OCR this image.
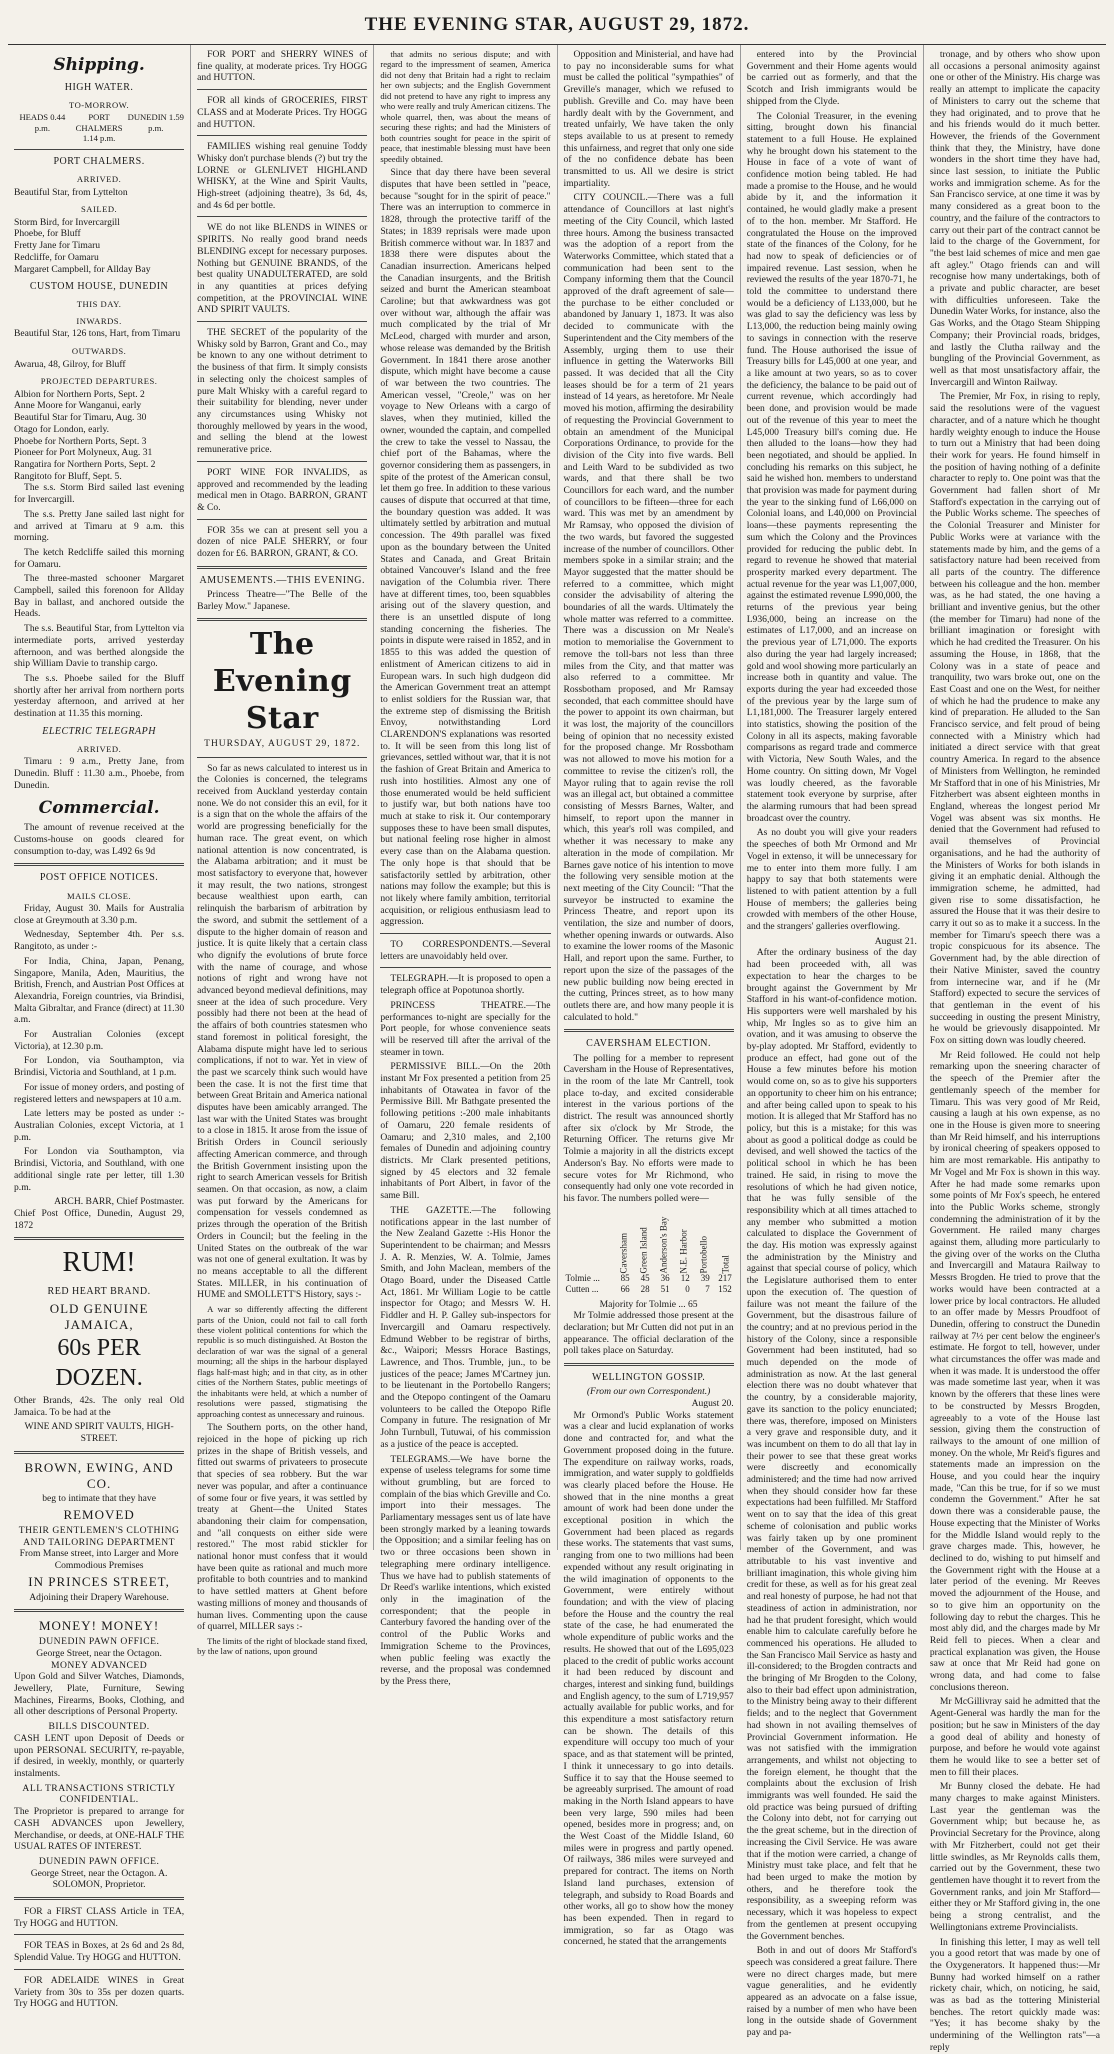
THE EVENING STAR, AUGUST 29, 1872.
Shipping.
HIGH WATER.
TO-MORROW.
HEADS 0.44 p.m.
PORT CHALMERS 1.14 p.m.
DUNEDIN 1.59 p.m.
PORT CHALMERS.
ARRIVED.
Beautiful Star, from Lyttelton
SAILED.
Storm Bird, for Invercargill
Phoebe, for Bluff
Fretty Jane for Timaru
Redcliffe, for Oamaru
Margaret Campbell, for Allday Bay
CUSTOM HOUSE, DUNEDIN
THIS DAY.
INWARDS.
Beautiful Star, 126 tons, Hart, from Timaru
OUTWARDS.
Awarua, 48, Gilroy, for Bluff
PROJECTED DEPARTURES.
Albion for Northern Ports, Sept. 2
Anne Moore for Wanganui, early
Beautiful Star for Timaru, Aug. 30
Otago for London, early.
Phoebe for Northern Ports, Sept. 3
Pioneer for Port Molyneux, Aug. 31
Rangatira for Northern Ports, Sept. 2
Rangitoto for Bluff, Sept. 5.

The s.s. Storm Bird sailed last evening for Invercargill.

The s.s. Pretty Jane sailed last night for and arrived at Timaru at 9 a.m. this morning.

The ketch Redcliffe sailed this morning for Oamaru.

The three-masted schooner Margaret Campbell, sailed this forenoon for Allday Bay in ballast, and anchored outside the Heads.

The s.s. Beautiful Star, from Lyttelton via intermediate ports, arrived yesterday afternoon, and was berthed alongside the ship William Davie to tranship cargo.

The s.s. Phoebe sailed for the Bluff shortly after her arrival from northern ports yesterday afternoon, and arrived at her destination at 11.35 this morning.

ELECTRIC TELEGRAPH
ARRIVED.

Timaru : 9 a.m., Pretty Jane, from Dunedin. Bluff : 11.30 a.m., Phoebe, from Dunedin.

Commercial.

The amount of revenue received at the Customs-house on goods cleared for consumption to-day, was L492 6s 9d

POST OFFICE NOTICES.
MAILS CLOSE.

Friday, August 30. Mails for Australia close at Greymouth at 3.30 p.m.

Wednesday, September 4th. Per s.s. Rangitoto, as under :-

For India, China, Japan, Penang, Singapore, Manila, Aden, Mauritius, the British, French, and Austrian Post Offices at Alexandria, Foreign countries, via Brindisi, Malta Gibraltar, and France (direct) at 11.30 a.m.

For Australian Colonies (except Victoria), at 12.30 p.m.

For London, via Southampton, via Brindisi, Victoria and Southland, at 1 p.m.

For issue of money orders, and posting of registered letters and newspapers at 10 a.m.

Late letters may be posted as under :- Australian Colonies, except Victoria, at 1 p.m.

For London via Southampton, via Brindisi, Victoria, and Southland, with one additional single rate per letter, till 1.30 p.m.

ARCH. BARR, Chief Postmaster.
Chief Post Office, Dunedin, August 29, 1872
RUM!
RED HEART BRAND.
OLD GENUINE JAMAICA,
60s PER DOZEN.

Other Brands, 42s. The only real Old Jamaica. To be had at the

WINE AND SPIRIT VAULTS, HIGH-STREET.
BROWN, EWING, AND CO.
beg to intimate that they have
REMOVED
THEIR GENTLEMEN'S CLOTHING AND TAILORING DEPARTMENT
From Manse street, into Larger and More Commodious Premises
IN PRINCES STREET,
Adjoining their Drapery Warehouse.
MONEY! MONEY!
DUNEDIN PAWN OFFICE.
George Street, near the Octagon.
MONEY ADVANCED

Upon Gold and Silver Watches, Diamonds, Jewellery, Plate, Furniture, Sewing Machines, Firearms, Books, Clothing, and all other descriptions of Personal Property.

BILLS DISCOUNTED.

CASH LENT upon Deposit of Deeds or upon PERSONAL SECURITY, re-payable, if desired, in weekly, monthly, or quarterly instalments.

ALL TRANSACTIONS STRICTLY CONFIDENTIAL.

The Proprietor is prepared to arrange for CASH ADVANCES upon Jewellery, Merchandise, or deeds, at ONE-HALF THE USUAL RATES OF INTEREST.

DUNEDIN PAWN OFFICE.
George Street, near the Octagon. A. SOLOMON, Proprietor.

FOR a FIRST CLASS Article in TEA, Try HOGG and HUTTON.

FOR TEAS in Boxes, at 2s 6d and 2s 8d, Splendid Value. Try HOGG and HUTTON.

FOR ADELAIDE WINES in Great Variety from 30s to 35s per dozen quarts. Try HOGG and HUTTON.

FOR PORT and SHERRY WINES of fine quality, at moderate prices. Try HOGG and HUTTON.

FOR all kinds of GROCERIES, FIRST CLASS and at Moderate Prices. Try HOGG and HUTTON.

FAMILIES wishing real genuine Toddy Whisky don't purchase blends (?) but try the LORNE or GLENLIVET HIGHLAND WHISKY, at the Wine and Spirit Vaults, High-street (adjoining theatre), 3s 6d, 4s, and 4s 6d per bottle.

WE do not like BLENDS in WINES or SPIRITS. No really good brand needs BLENDING except for necessary purposes. Nothing but GENUINE BRANDS, of the best quality UNADULTERATED, are sold in any quantities at prices defying competition, at the PROVINCIAL WINE AND SPIRIT VAULTS.

THE SECRET of the popularity of the Whisky sold by Barron, Grant and Co., may be known to any one without detriment to the business of that firm. It simply consists in selecting only the choicest samples of pure Malt Whisky with a careful regard to their suitability for blending, never under any circumstances using Whisky not thoroughly mellowed by years in the wood, and selling the blend at the lowest remunerative price.

PORT WINE FOR INVALIDS, as approved and recommended by the leading medical men in Otago. BARRON, GRANT & Co.

FOR 35s we can at present sell you a dozen of nice PALE SHERRY, or four dozen for £6. BARRON, GRANT, & CO.

AMUSEMENTS.—THIS EVENING.

Princess Theatre—"The Belle of the Barley Mow." Japanese.

The Evening Star
THURSDAY, AUGUST 29, 1872.

So far as news calculated to interest us in the Colonies is concerned, the telegrams received from Auckland yesterday contain none. We do not consider this an evil, for it is a sign that on the whole the affairs of the world are progressing beneficially for the human race. The great event, on which national attention is now concentrated, is the Alabama arbitration; and it must be most satisfactory to everyone that, however it may result, the two nations, strongest because wealthiest upon earth, can relinquish the barbarism of arbitration by the sword, and submit the settlement of a dispute to the higher domain of reason and justice. It is quite likely that a certain class who dignify the evolutions of brute force with the name of courage, and whose notions of right and wrong have not advanced beyond medieval definitions, may sneer at the idea of such procedure. Very possibly had there not been at the head of the affairs of both countries statesmen who stand foremost in political foresight, the Alabama dispute might have led to serious complications, if not to war. Yet in view of the past we scarcely think such would have been the case. It is not the first time that between Great Britain and America national disputes have been amicably arranged. The last war with the United States was brought to a close in 1815. It arose from the issue of British Orders in Council seriously affecting American commerce, and through the British Government insisting upon the right to search American vessels for British seamen. On that occasion, as now, a claim was put forward by the Americans for compensation for vessels condemned as prizes through the operation of the British Orders in Council; but the feeling in the United States on the outbreak of the war was not one of general exultation. It was by no means acceptable to all the different States. MILLER, in his continuation of HUME and SMOLLETT'S History, says :-

A war so differently affecting the different parts of the Union, could not fail to call forth these violent political contentions for which the republic is so much distinguished. At Boston the declaration of war was the signal of a general mourning; all the ships in the harbour displayed flags half-mast high; and in that city, as in other cities of the Northern States, public meetings of the inhabitants were held, at which a number of resolutions were passed, stigmatising the approaching contest as unnecessary and ruinous.

The Southern ports, on the other hand, rejoiced in the hope of picking up rich prizes in the shape of British vessels, and fitted out swarms of privateers to prosecute that species of sea robbery. But the war never was popular, and after a continuance of some four or five years, it was settled by treaty at Ghent—the United States abandoning their claim for compensation, and "all conquests on either side were restored." The most rabid stickler for national honor must confess that it would have been quite as rational and much more profitable to both countries and to mankind to have settled matters at Ghent before wasting millions of money and thousands of human lives. Commenting upon the cause of quarrel, MILLER says :-

The limits of the right of blockade stand fixed, by the law of nations, upon ground

that admits no serious dispute; and with regard to the impressment of seamen, America did not deny that Britain had a right to reclaim her own subjects; and the English Government did not pretend to have any right to impress any who were really and truly American citizens. The whole quarrel, then, was about the means of securing these rights; and had the Ministers of both countries sought for peace in the spirit of peace, that inestimable blessing must have been speedily obtained.

Since that day there have been several disputes that have been settled in "peace, because "sought for in the spirit of peace." There was an interruption to commerce in 1828, through the protective tariff of the States; in 1839 reprisals were made upon British commerce without war. In 1837 and 1838 there were disputes about the Canadian insurrection. Americans helped the Canadian insurgents, and the British seized and burnt the American steamboat Caroline; but that awkwardness was got over without war, although the affair was much complicated by the trial of Mr McLeod, charged with murder and arson, whose release was demanded by the British Government. In 1841 there arose another dispute, which might have become a cause of war between the two countries. The American vessel, "Creole," was on her voyage to New Orleans with a cargo of slaves, when they mutinied, killed the owner, wounded the captain, and compelled the crew to take the vessel to Nassau, the chief port of the Bahamas, where the governor considering them as passengers, in spite of the protest of the American consul, let them go free. In addition to these various causes of dispute that occurred at that time, the boundary question was added. It was ultimately settled by arbitration and mutual concession. The 49th parallel was fixed upon as the boundary between the United States and Canada, and Great Britain obtained Vancouver's Island and the free navigation of the Columbia river. There have at different times, too, been squabbles arising out of the slavery question, and there is an unsettled dispute of long standing concerning the fisheries. The points in dispute were raised in 1852, and in 1855 to this was added the question of enlistment of American citizens to aid in European wars. In such high dudgeon did the American Government treat an attempt to enlist soldiers for the Russian war, that the extreme step of dismissing the British Envoy, notwithstanding Lord CLARENDON'S explanations was resorted to. It will be seen from this long list of grievances, settled without war, that it is not the fashion of Great Britain and America to rush into hostilities. Almost any one of those enumerated would be held sufficient to justify war, but both nations have too much at stake to risk it. Our contemporary supposes these to have been small disputes, but national feeling rose higher in almost every case than on the Alabama question. The only hope is that should that be satisfactorily settled by arbitration, other nations may follow the example; but this is not likely where family ambition, territorial acquisition, or religious enthusiasm lead to aggression.

TO CORRESPONDENTS.—Several letters are unavoidably held over.

TELEGRAPH.—It is proposed to open a telegraph office at Popotunoa shortly.

PRINCESS THEATRE.—The performances to-night are specially for the Port people, for whose convenience seats will be reserved till after the arrival of the steamer in town.

PERMISSIVE BILL.—On the 20th instant Mr Fox presented a petition from 25 inhabitants of Otawatea in favor of the Permissive Bill. Mr Bathgate presented the following petitions :-200 male inhabitants of Oamaru, 220 female residents of Oamaru; and 2,310 males, and 2,100 females of Dunedin and adjoining country districts. Mr Clark presented petitions, signed by 45 electors and 32 female inhabitants of Port Albert, in favor of the same Bill.

THE GAZETTE.—The following notifications appear in the last number of the New Zealand Gazette :-His Honor the Superintendent to be chairman; and Messrs J. A. R. Menzies, W. A. Tolmie, James Smith, and John Maclean, members of the Otago Board, under the Diseased Cattle Act, 1861. Mr William Logie to be cattle inspector for Otago; and Messrs W. H. Fiddler and H. P. Galley sub-inspectors for Invercargill and Oamaru respectively. Edmund Webber to be registrar of births, &c., Waipori; Messrs Horace Bastings, Lawrence, and Thos. Trumble, jun., to be justices of the peace; James M'Cartney jun. to be lieutenant in the Portobello Rangers; and the Otepopo contingent of the Oamaru volunteers to be called the Otepopo Rifle Company in future. The resignation of Mr John Turnbull, Tutuwai, of his commission as a justice of the peace is accepted.

TELEGRAMS.—We have borne the expense of useless telegrams for some time without grumbling, but are forced to complain of the bias which Greville and Co. import into their messages. The Parliamentary messages sent us of late have been strongly marked by a leaning towards the Opposition; and a similar feeling has on two or three occasions been shown in telegraphing mere ordinary intelligence. Thus we have had to publish statements of Dr Reed's warlike intentions, which existed only in the imagination of the correspondent; that the people in Canterbury favored the handing over of the control of the Public Works and Immigration Scheme to the Provinces, when public feeling was exactly the reverse, and the proposal was condemned by the Press there,

Opposition and Ministerial, and have had to pay no inconsiderable sums for what must be called the political "sympathies" of Greville's manager, which we refused to publish. Greville and Co. may have been hardly dealt with by the Government, and treated unfairly, We have taken the only steps available to us at present to remedy this unfairness, and regret that only one side of the no confidence debate has been transmitted to us. All we desire is strict impartiality.

CITY COUNCIL.—There was a full attendance of Councillors at last night's meeting of the City Council, which lasted three hours. Among the business transacted was the adoption of a report from the Waterworks Committee, which stated that a communication had been sent to the Company informing them that the Council approved of the draft agreement of sale—the purchase to be either concluded or abandoned by January 1, 1873. It was also decided to communicate with the Superintendent and the City members of the Assembly, urging them to use their influence in getting the Waterworks Bill passed. It was decided that all the City leases should be for a term of 21 years instead of 14 years, as heretofore. Mr Neale moved his motion, affirming the desirability of requesting the Provincial Government to obtain an amendment of the Municipal Corporations Ordinance, to provide for the division of the City into five wards. Bell and Leith Ward to be subdivided as two wards, and that there shall be two Councillors for each ward, and the number of councillors to be fifteen—three for each ward. This was met by an amendment by Mr Ramsay, who opposed the division of the two wards, but favored the suggested increase of the number of councillors. Other members spoke in a similar strain; and the Mayor suggested that the matter should be referred to a committee, which might consider the advisability of altering the boundaries of all the wards. Ultimately the whole matter was referred to a committee. There was a discussion on Mr Neale's motion to memorialise the Government to remove the toll-bars not less than three miles from the City, and that matter was also referred to a committee. Mr Rossbotham proposed, and Mr Ramsay seconded, that each committee should have the power to appoint its own chairman, but it was lost, the majority of the councillors being of opinion that no necessity existed for the proposed change. Mr Rossbotham was not allowed to move his motion for a committee to revise the citizen's roll, the Mayor ruling that to again revise the roll was an illegal act, but obtained a committee consisting of Messrs Barnes, Walter, and himself, to report upon the manner in which, this year's roll was compiled, and whether it was necessary to make any alteration in the mode of compilation. Mr Barnes gave notice of his intention to move the following very sensible motion at the next meeting of the City Council: "That the surveyor be instructed to examine the Princess Theatre, and report upon its ventilation, the size and number of doors, whether opening inwards or outwards. Also to examine the lower rooms of the Masonic Hall, and report upon the same. Further, to report upon the size of the passages of the new public building now being erected in the cutting, Princes street, as to how many outlets there are, and how many people it is calculated to hold."

CAVERSHAM ELECTION.

The polling for a member to represent Caversham in the House of Representatives, in the room of the late Mr Cantrell, took place to-day, and excited considerable interest in the various portions of the district. The result was announced shortly after six o'clock by Mr Strode, the Returning Officer. The returns give Mr Tolmie a majority in all the districts except Anderson's Bay. No efforts were made to secure votes for Mr Richmond, who consequently had only one vote recorded in his favor. The numbers polled were—

	Caversham	Green Island	Anderson's Bay	N.E. Harbor	Portobello	Total
Tolmie ...	85	45	36	12	39	217
Cutten ...	66	28	51	0	7	152
Majority for Tolmie ... 65

Mr Tolmie addressed those present at the declaration; but Mr Cutten did not put in an appearance. The official declaration of the poll takes place on Saturday.

WELLINGTON GOSSIP.
(From our own Correspondent.)
August 20.

Mr Ormond's Public Works statement was a clear and lucid explanation of works done and contracted for, and what the Government proposed doing in the future. The expenditure on railway works, roads, immigration, and water supply to goldfields was clearly placed before the House. He showed that in the nine months a great amount of work had been done under the exceptional position in which the Government had been placed as regards these works. The statements that vast sums, ranging from one to two millions had been expended without any result originating in the wild imagination of opponents to the Government, were entirely without foundation; and with the view of placing before the House and the country the real state of the case, he had enumerated the whole expenditure of public works and the results. He showed that out of the L695,023 placed to the credit of public works account it had been reduced by discount and charges, interest and sinking fund, buildings and English agency, to the sum of L719,957 actually available for public works, and for this expenditure a most satisfactory return can be shown. The details of this expenditure will occupy too much of your space, and as that statement will be printed, I think it unnecessary to go into details. Suffice it to say that the House seemed to be agreeably surprised. The amount of road making in the North Island appears to have been very large, 590 miles had been opened, besides more in progress; and, on the West Coast of the Middle Island, 60 miles were in progress and partly opened. Of railways, 386 miles were surveyed and prepared for contract. The items on North Island land purchases, extension of telegraph, and subsidy to Road Boards and other works, all go to show how the money has been expended. Then in regard to immigration, so far as Otago was concerned, he stated that the arrangements

entered into by the Provincial Government and their Home agents would be carried out as formerly, and that the Scotch and Irish immigrants would be shipped from the Clyde.

The Colonial Treasurer, in the evening sitting, brought down his financial statement to a full House. He explained why he brought down his statement to the House in face of a vote of want of confidence motion being tabled. He had made a promise to the House, and he would abide by it, and the information it contained, he would gladly make a present of to the hon. member. Mr Stafford. He congratulated the House on the improved state of the finances of the Colony, for he had now to speak of deficiencies or of impaired revenue. Last session, when he reviewed the results of the year 1870-71, he told the committee to understand there would be a deficiency of L133,000, but he was glad to say the deficiency was less by L13,000, the reduction being mainly owing to savings in connection with the reserve fund. The House authorised the issue of Treasury bills for L45,000 at one year, and a like amount at two years, so as to cover the deficiency, the balance to be paid out of current revenue, which accordingly had been done, and provision would be made out of the revenue of this year to meet the L45,000 Treasury bill's coming due. He then alluded to the loans—how they had been negotiated, and should be applied. In concluding his remarks on this subject, he said he wished hon. members to understand that provision was made for payment during the year to the sinking fund of L66,000 on Colonial loans, and L40,000 on Provincial loans—these payments representing the sum which the Colony and the Provinces provided for reducing the public debt. In regard to revenue he showed that material prosperity marked every department. The actual revenue for the year was L1,007,000, against the estimated revenue L990,000, the returns of the previous year being L936,000, being an increase on the estimates of L17,000, and an increase on the previous year of L71,000. The exports also during the year had largely increased; gold and wool showing more particularly an increase both in quantity and value. The exports during the year had exceeded those of the previous year by the large sum of L1,181,000. The Treasurer largely entered into statistics, showing the position of the Colony in all its aspects, making favorable comparisons as regard trade and commerce with Victoria, New South Wales, and the Home country. On sitting down, Mr Vogel was loudly cheered, as the favorable statement took everyone by surprise, after the alarming rumours that had been spread broadcast over the country.

As no doubt you will give your readers the speeches of both Mr Ormond and Mr Vogel in extenso, it will be unnecessary for me to enter into them more fully. I am happy to say that both statements were listened to with patient attention by a full House of members; the galleries being crowded with members of the other House, and the strangers' galleries overflowing.

August 21.

After the ordinary business of the day had been proceeded with, all was expectation to hear the charges to be brought against the Government by Mr Stafford in his want-of-confidence motion. His supporters were well marshaled by his whip, Mr Ingles so as to give him an ovation, and it was amusing to observe the by-play adopted. Mr Stafford, evidently to produce an effect, had gone out of the House a few minutes before his motion would come on, so as to give his supporters an opportunity to cheer him on his entrance; and after being called upon to speak to his motion. It is alleged that Mr Stafford has no policy, but this is a mistake; for this was about as good a political dodge as could be devised, and well showed the tactics of the political school in which he has been trained. He said, in rising to move the resolutions of which he had given notice, that he was fully sensible of the responsibility which at all times attached to any member who submitted a motion calculated to displace the Government of the day. His motion was expressly against the administration by the Ministry and against that special course of policy, which the Legislature authorised them to enter upon the execution of. The question of failure was not meant the failure of the Government, but the disastrous failure of the country; and at no previous period in the history of the Colony, since a responsible Government had been instituted, had so much depended on the mode of administration as now. At the last general election there was no doubt whatever that the country, by a considerable majority, gave its sanction to the policy enunciated; there was, therefore, imposed on Ministers a very grave and responsible duty, and it was incumbent on them to do all that lay in their power to see that these great works were discreetly and economically administered; and the time had now arrived when they should consider how far these expectations had been fulfilled. Mr Stafford went on to say that the idea of this great scheme of colonisation and public works was fairly taken up by one prominent member of the Government, and was attributable to his vast inventive and brilliant imagination, this whole giving him credit for these, as well as for his great zeal and real honesty of purpose, he had not that steadiness of action in administration, nor had he that prudent foresight, which would enable him to calculate carefully before he commenced his operations. He alluded to the San Francisco Mail Service as hasty and ill-considered; to the Brogden contracts and the bringing of Mr Brogden to the Colony, also to their bad effect upon administration, to the Ministry being away to their different fields; and to the neglect that Government had shown in not availing themselves of Provincial Government information. He was not satisfied with the immigration arrangements, and whilst not objecting to the foreign element, he thought that the complaints about the exclusion of Irish immigrants was well founded. He said the old practice was being pursued of drifting the Colony into debt, not for carrying out the the great scheme, but in the direction of increasing the Civil Service. He was aware that if the motion were carried, a change of Ministry must take place, and felt that he had been urged to make the motion by others, and he therefore took the responsibility, as a sweeping reform was necessary, which it was hopeless to expect from the gentlemen at present occupying the Government benches.

Both in and out of doors Mr Stafford's speech was considered a great failure. There were no direct charges made, but mere vague generalities, and he evidently appeared as an advocate on a false issue, raised by a number of men who have been long in the outside shade of Government pay and pa-

tronage, and by others who show upon all occasions a personal animosity against one or other of the Ministry. His charge was really an attempt to implicate the capacity of Ministers to carry out the scheme that they had originated, and to prove that he and his friends would do it much better. However, the friends of the Government think that they, the Ministry, have done wonders in the short time they have had, since last session, to initiate the Public works and immigration scheme. As for the San Francisco service, at one time it was by many considered as a great boon to the country, and the failure of the contractors to carry out their part of the contract cannot be laid to the charge of the Government, for "the best laid schemes of mice and men gae aft agley." Otago friends can and will recognise how many undertakings, both of a private and public character, are beset with difficulties unforeseen. Take the Dunedin Water Works, for instance, also the Gas Works, and the Otago Steam Shipping Company; their Provincial roads, bridges, and lastly the Clutha railway and the bungling of the Provincial Government, as well as that most unsatisfactory affair, the Invercargill and Winton Railway.

The Premier, Mr Fox, in rising to reply, said the resolutions were of the vaguest character, and of a nature which he thought hardly weighty enough to induce the House to turn out a Ministry that had been doing their work for years. He found himself in the position of having nothing of a definite character to reply to. One point was that the Government had fallen short of Mr Stafford's expectation in the carrying out of the Public Works scheme. The speeches of the Colonial Treasurer and Minister for Public Works were at variance with the statements made by him, and the gems of a satisfactory nature had been received from all parts of the country. The difference between his colleague and the hon. member was, as he had stated, the one having a brilliant and inventive genius, but the other (the member for Timaru) had none of the brilliant imagination or foresight with which he had credited the Treasurer. On his assuming the House, in 1868, that the Colony was in a state of peace and tranquility, two wars broke out, one on the East Coast and one on the West, for neither of which he had the prudence to make any kind of preparation. He alluded to the San Francisco service, and felt proud of being connected with a Ministry which had initiated a direct service with that great country America. In regard to the absence of Ministers from Wellington, he reminded Mr Stafford that in one of his Ministries, Mr Fitzherbert was absent eighteen months in England, whereas the longest period Mr Vogel was absent was six months. He denied that the Government had refused to avail themselves of Provincial organisations, and he had the authority of the Ministers of Works for both islands in giving it an emphatic denial. Although the immigration scheme, he admitted, had given rise to some dissatisfaction, he assured the House that it was their desire to carry it out so as to make it a success. In the member for Timaru's speech there was a tropic conspicuous for its absence. The Government had, by the able direction of their Native Minister, saved the country from internecine war, and if he (Mr Stafford) expected to secure the services of that gentleman in the event of his succeeding in ousting the present Ministry, he would be grievously disappointed. Mr Fox on sitting down was loudly cheered.

Mr Reid followed. He could not help remarking upon the sneering character of the speech of the Premier after the gentlemanly speech of the member for Timaru. This was very good of Mr Reid, causing a laugh at his own expense, as no one in the House is given more to sneering than Mr Reid himself, and his interruptions by ironical cheering of speakers opposed to him are most remarkable. His antipathy to Mr Vogel and Mr Fox is shown in this way. After he had made some remarks upon some points of Mr Fox's speech, he entered into the Public Works scheme, strongly condemning the administration of it by the Government. He railed many charges against them, alluding more particularly to the giving over of the works on the Clutha and Invercargill and Mataura Railway to Messrs Brogden. He tried to prove that the works would have been contracted at a lower price by local contractors. He alluded to an offer made by Messrs Proudfoot of Dunedin, offering to construct the Dunedin railway at 7½ per cent below the engineer's estimate. He forgot to tell, however, under what circumstances the offer was made and when it was made. It is understood the offer was made sometime last year, when it was known by the offerers that these lines were to be constructed by Messrs Brogden, agreeably to a vote of the House last session, giving them the construction of railways to the amount of one million of money. On the whole, Mr Reid's figures and statements made an impression on the House, and you could hear the inquiry made, "Can this be true, for if so we must condemn the Government." After he sat down there was a considerable pause, the House expecting that the Minister of Works for the Middle Island would reply to the grave charges made. This, however, he declined to do, wishing to put himself and the Government right with the House at a later period of the evening. Mr Reeves moved the adjournment of the House, and so to give him an opportunity on the following day to rebut the charges. This he most ably did, and the charges made by Mr Reid fell to pieces. When a clear and practical explanation was given, the House saw at once that Mr Reid had gone on wrong data, and had come to false conclusions thereon.

Mr McGillivray said he admitted that the Agent-General was hardly the man for the position; but he saw in Ministers of the day a good deal of ability and honesty of purpose, and before he would vote against them he would like to see a better set of men to fill their places.

Mr Bunny closed the debate. He had many charges to make against Ministers. Last year the gentleman was the Government whip; but because he, as Provincial Secretary for the Province, along with Mr Fitzherbert, could not get their little swindles, as Mr Reynolds calls them, carried out by the Government, these two gentlemen have thought it to revert from the Government ranks, and join Mr Stafford—either they or Mr Stafford giving in, the one being a strong centralist, and the Wellingtonians extreme Provincialists.

In finishing this letter, I may as well tell you a good retort that was made by one of the Oxygenerators. It happened thus:—Mr Bunny had worked himself on a rather rickety chair, which, on noticing, he said, was as bad as the tottering Ministerial benches. The retort quickly made was: "Yes; it has become shaky by the undermining of the Wellington rats"—a reply
